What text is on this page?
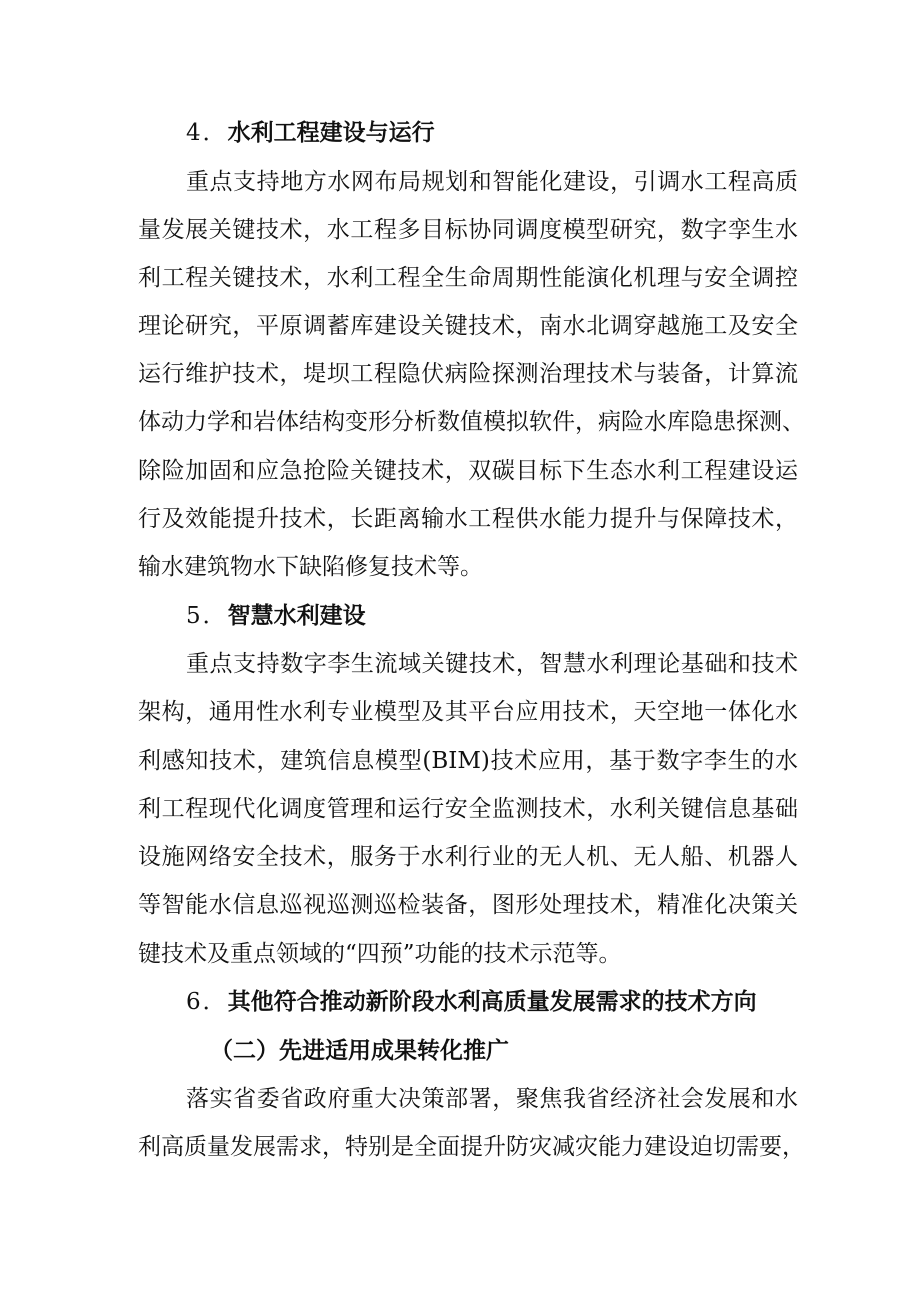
4．水利工程建设与运行
重点支持地方水网布局规划和智能化建设，引调水工程高质
量发展关键技术，水工程多目标协同调度模型研究，数字孪生水
利工程关键技术，水利工程全生命周期性能演化机理与安全调控
理论研究，平原调蓄库建设关键技术，南水北调穿越施工及安全
运行维护技术，堤坝工程隐伏病险探测治理技术与装备，计算流
体动力学和岩体结构变形分析数值模拟软件，病险水库隐患探测、
除险加固和应急抢险关键技术，双碳目标下生态水利工程建设运
行及效能提升技术，长距离输水工程供水能力提升与保障技术，
输水建筑物水下缺陷修复技术等。
5．智慧水利建设
重点支持数字李生流域关键技术，智慧水利理论基础和技术
架构，通用性水利专业模型及其平台应用技术，天空地一体化水
利感知技术，建筑信息模型(BIM)技术应用，基于数字李生的水
利工程现代化调度管理和运行安全监测技术，水利关键信息基础
设施网络安全技术，服务于水利行业的无人机、无人船、机器人
等智能水信息巡视巡测巡检装备，图形处理技术，精准化决策关
键技术及重点领域的“四预”功能的技术示范等。
6．其他符合推动新阶段水利高质量发展需求的技术方向
（二）先进适用成果转化推广
落实省委省政府重大决策部署，聚焦我省经济社会发展和水
利高质量发展需求，特别是全面提升防灾减灾能力建设迫切需要，
